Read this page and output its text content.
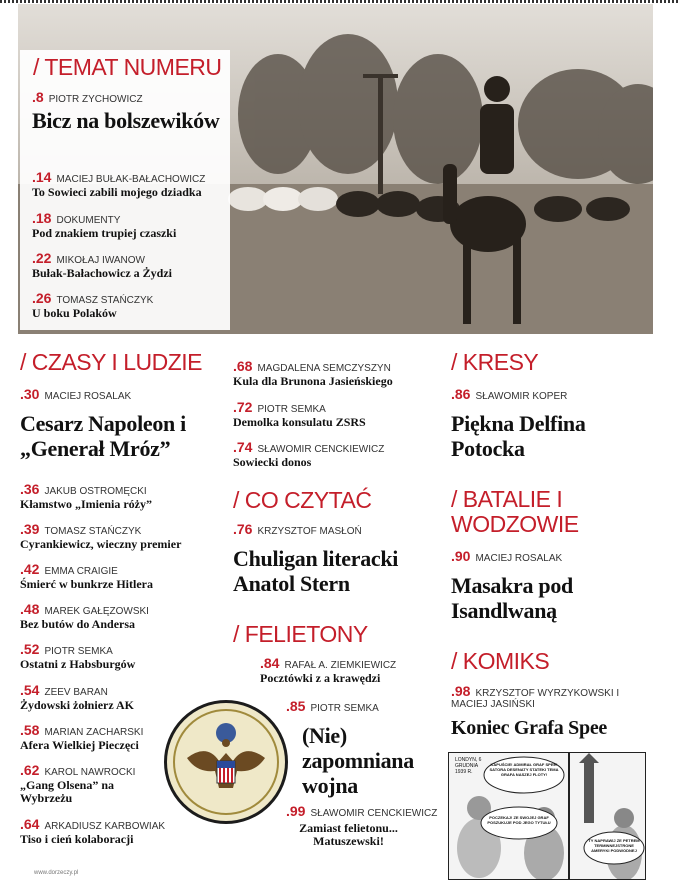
/ TEMAT NUMERU
.8 PIOTR ZYCHOWICZ
Bicz na bolszewików
.14 MACIEJ BUŁAK-BAŁACHOWICZ
To Sowieci zabili mojego dziadka
.18 DOKUMENTY
Pod znakiem trupiej czaszki
.22 MIKOŁAJ IWANOW
Bułak-Bałachowicz a Żydzi
.26 TOMASZ STAŃCZYK
U boku Polaków
/ CZASY I LUDZIE
.30 MACIEJ ROSALAK
Cesarz Napoleon i „Generał Mróz”
.36 JAKUB OSTROMĘCKI
Kłamstwo „Imienia róży”
.39 TOMASZ STAŃCZYK
Cyrankiewicz, wieczny premier
.42 EMMA CRAIGIE
Śmierć w bunkrze Hitlera
.48 MAREK GAŁĘZOWSKI
Bez butów do Andersa
.52 PIOTR SEMKA
Ostatni z Habsburgów
.54 ZEEV BARAN
Żydowski żołnierz AK
.58 MARIAN ZACHARSKI
Afera Wielkiej Pieczęci
.62 KAROL NAWROCKI
„Gang Olsena” na Wybrzeżu
.64 ARKADIUSZ KARBOWIAK
Tiso i cień kolaboracji
.68 MAGDALENA SEMCZYSZYN
Kula dla Brunona Jasieńskiego
.72 PIOTR SEMKA
Demolka konsulatu ZSRS
.74 SŁAWOMIR CENCKIEWICZ
Sowiecki donos
/ CO CZYTAĆ
.76 KRZYSZTOF MASŁOŃ
Chuligan literacki Anatol Stern
/ FELIETONY
.84 RAFAŁ A. ZIEMKIEWICZ
Pocztówki z a krawędzi
.85 PIOTR SEMKA
(Nie) zapomniana wojna
.99 SŁAWOMIR CENCKIEWICZ
Zamiast felietonu... Matuszewski!
/ KRESY
.86 SŁAWOMIR KOPER
Piękna Delfina Potocka
/ BATALIE I WODZOWIE
.90 MACIEJ ROSALAK
Masakra pod Isandlwaną
/ KOMIKS
.98 KRZYSZTOF WYRZYKOWSKI I MACIEJ JASIŃSKI
Koniec Grafa Spee
LONDYN, 6 GRUDNIA 1939 R.
KAPUŚCIE! ADMIRAŁ GRAF SPEE! SATORA DESENATY STATEKI TEMA GRAFA NASZEJ FLOTY!
POCZEKAJ! ZE SWOJEJ GRAF POSZUKUJE POD JEGO TYTUŁU
TY NAPRAWIJ ZE PETREM TERMINNEJSTRONE AMERYKI PODWODNEJ
www.dorzeczy.pl
